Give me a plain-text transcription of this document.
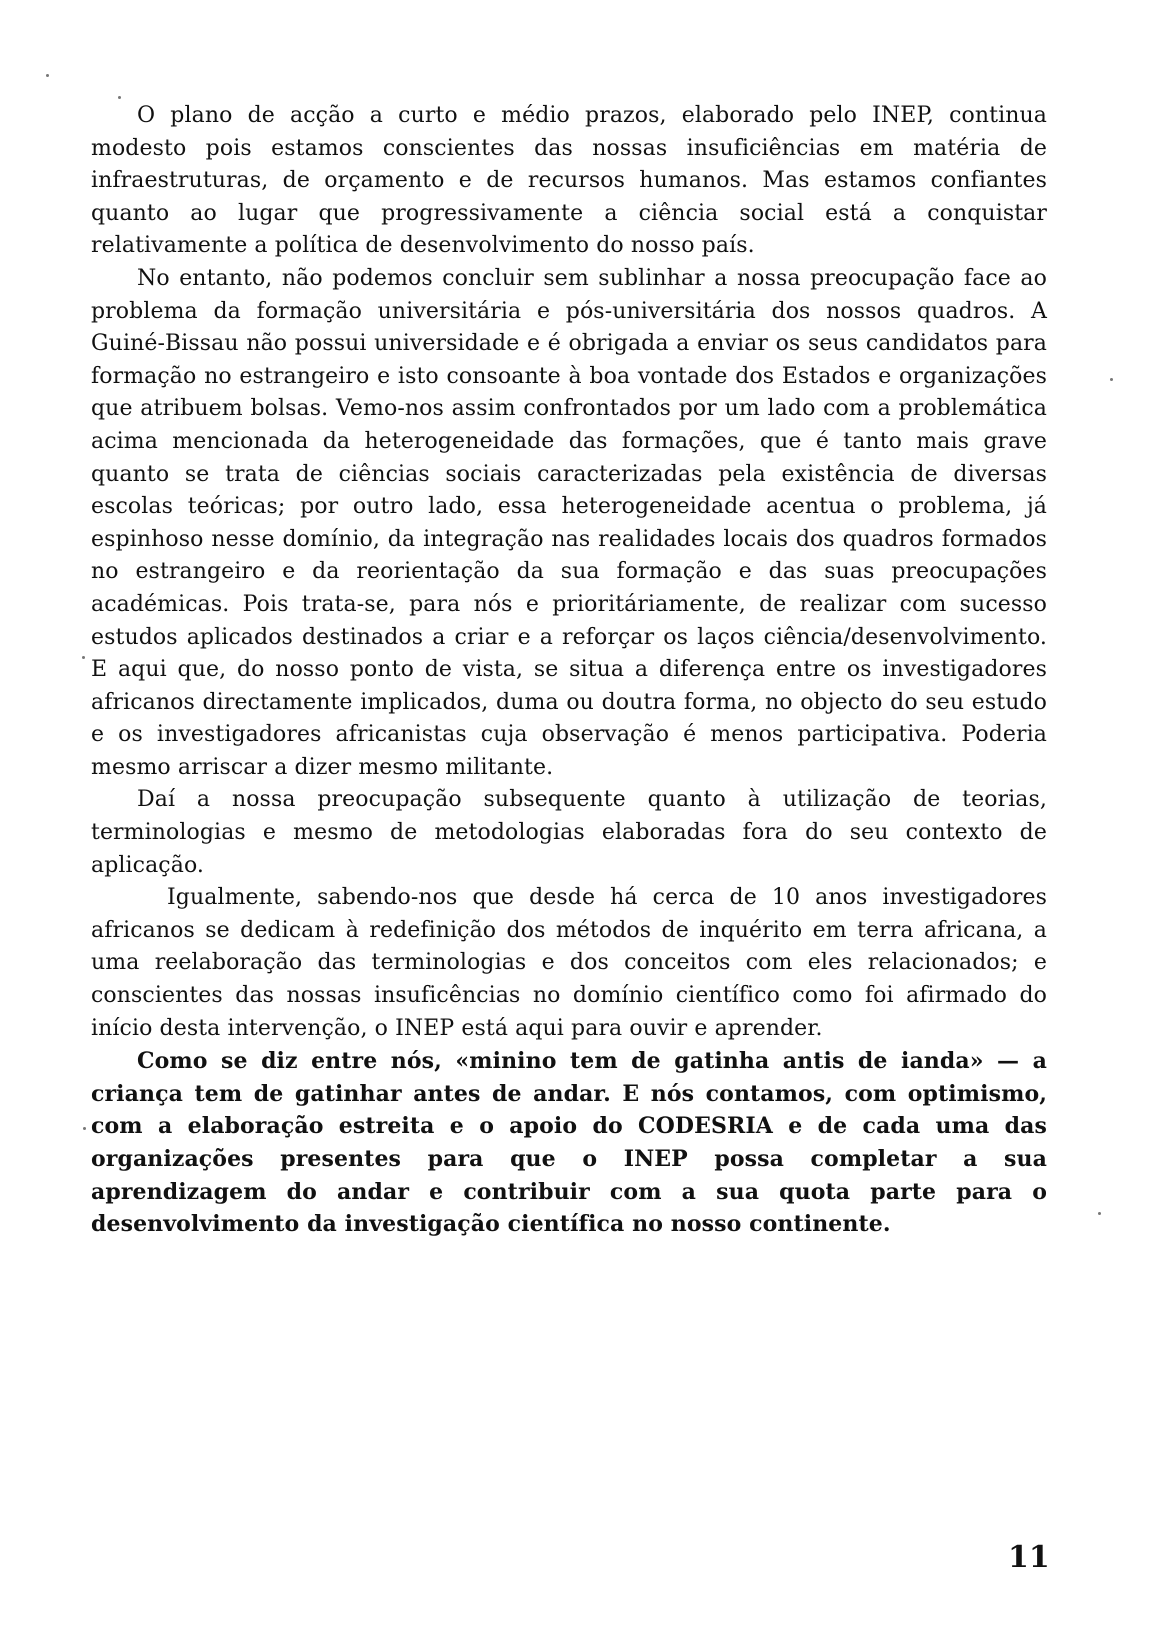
O plano de acção a curto e médio prazos, elaborado pelo INEP, continua modesto pois estamos conscientes das nossas insuficiências em matéria de infraestruturas, de orçamento e de recursos humanos. Mas estamos confiantes quanto ao lugar que progressivamente a ciência social está a conquistar relativamente a política de desenvolvimento do nosso país.

No entanto, não podemos concluir sem sublinhar a nossa preocupação face ao problema da formação universitária e pós-universitária dos nossos quadros. A Guiné-Bissau não possui universidade e é obrigada a enviar os seus candidatos para formação no estrangeiro e isto consoante à boa vontade dos Estados e organizações que atribuem bolsas. Vemo-nos assim confrontados por um lado com a problemática acima mencionada da heterogeneidade das formações, que é tanto mais grave quanto se trata de ciências sociais caracterizadas pela existência de diversas escolas teóricas; por outro lado, essa heterogeneidade acentua o problema, já espinhoso nesse domínio, da integração nas realidades locais dos quadros formados no estrangeiro e da reorientação da sua formação e das suas preocupações académicas. Pois trata-se, para nós e prioritáriamente, de realizar com sucesso estudos aplicados destinados a criar e a reforçar os laços ciência/desenvolvimento. E aqui que, do nosso ponto de vista, se situa a diferença entre os investigadores africanos directamente implicados, duma ou doutra forma, no objecto do seu estudo e os investigadores africanistas cuja observação é menos participativa. Poderia mesmo arriscar a dizer mesmo militante.

Daí a nossa preocupação subsequente quanto à utilização de teorias, terminologias e mesmo de metodologias elaboradas fora do seu contexto de aplicação.

Igualmente, sabendo-nos que desde há cerca de 10 anos investigadores africanos se dedicam à redefinição dos métodos de inquérito em terra africana, a uma reelaboração das terminologias e dos conceitos com eles relacionados; e conscientes das nossas insuficências no domínio científico como foi afirmado do início desta intervenção, o INEP está aqui para ouvir e aprender.

Como se diz entre nós, «minino tem de gatinha antis de ianda» — a criança tem de gatinhar antes de andar. E nós contamos, com optimismo, com a elaboração estreita e o apoio do CODESRIA e de cada uma das organizações presentes para que o INEP possa completar a sua aprendizagem do andar e contribuir com a sua quota parte para o desenvolvimento da investigação científica no nosso continente.

11
